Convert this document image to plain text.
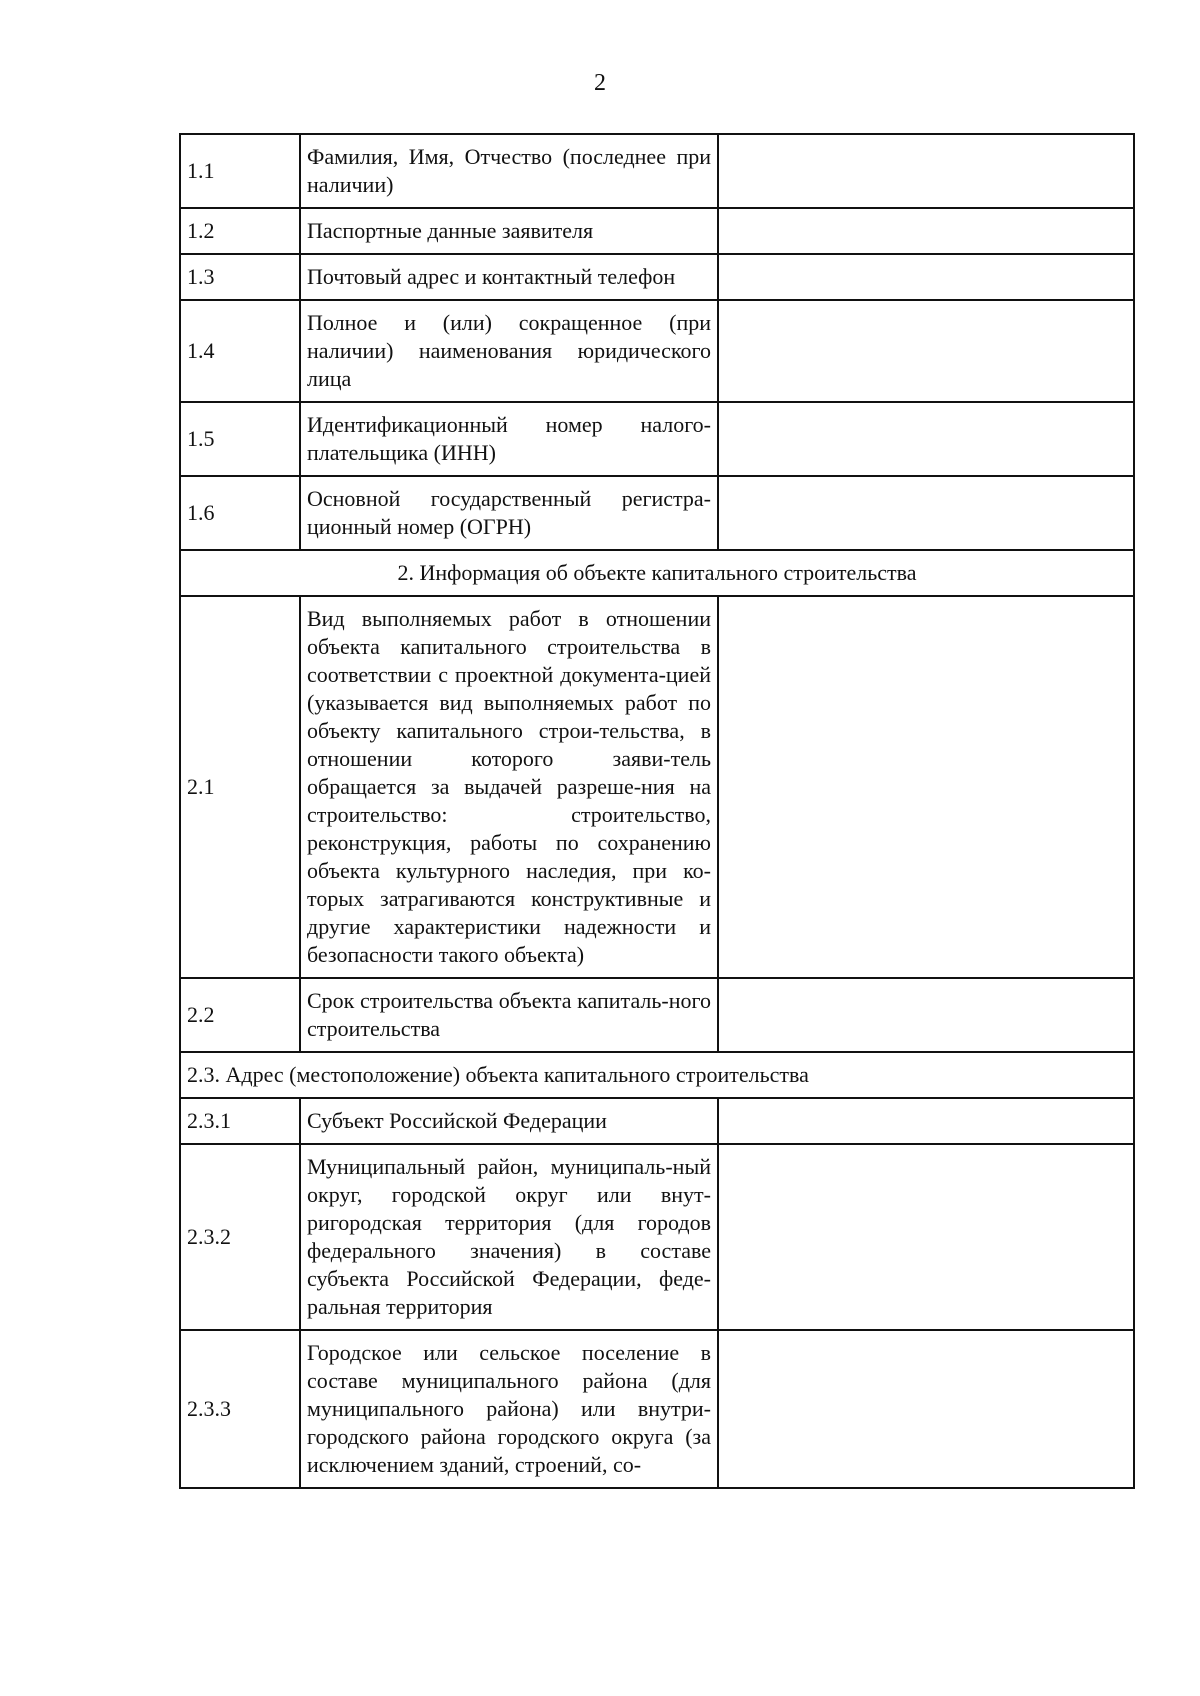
2
1.1	Фамилия, Имя, Отчество (последнее при наличии)	
1.2	Паспортные данные заявителя	
1.3	Почтовый адрес и контактный телефон	
1.4	Полное и (или) сокращенное (при наличии) наименования юридического лица	
1.5	Идентификационный номер налого-плательщика (ИНН)	
1.6	Основной государственный регистра-ционный номер (ОГРН)	
2. Информация об объекте капитального строительства		
2.1	Вид выполняемых работ в отношении объекта капитального строительства в соответствии с проектной документа-цией (указывается вид выполняемых работ по объекту капитального строи-тельства, в отношении которого заяви-тель обращается за выдачей разреше-ния на строительство: строительство, реконструкция, работы по сохранению объекта культурного наследия, при ко-торых затрагиваются конструктивные и другие характеристики надежности и безопасности такого объекта)	
2.2	Срок строительства объекта капиталь-ного строительства	
2.3. Адрес (местоположение) объекта капитального строительства		
2.3.1	Субъект Российской Федерации	
2.3.2	Муниципальный район, муниципаль-ный округ, городской округ или внут-ригородская территория (для городов федерального значения) в составе субъекта Российской Федерации, феде-ральная территория	
2.3.3	Городское или сельское поселение в составе муниципального района (для муниципального района) или внутри-городского района городского округа (за исключением зданий, строений, со-	
